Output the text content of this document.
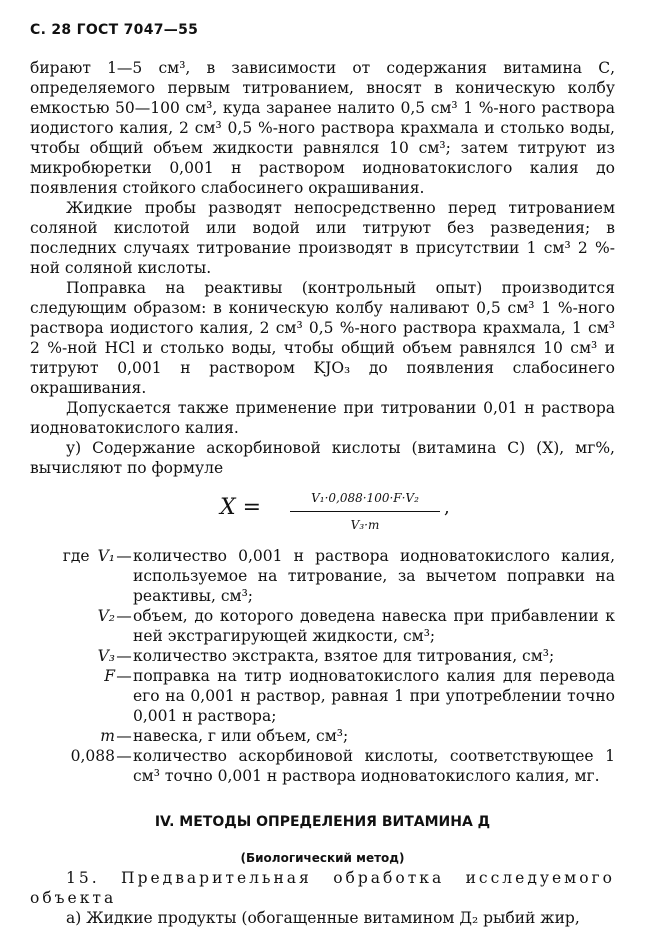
С. 28 ГОСТ 7047—55

бирают 1—5 см³, в зависимости от содержания витамина С, определяемого первым титрованием, вносят в коническую колбу емкостью 50—100 см³, куда заранее налито 0,5 см³ 1 %-ного раствора иодистого калия, 2 см³ 0,5 %-ного раствора крахмала и столько воды, чтобы общий объем жидкости равнялся 10 см³; затем титруют из микробюретки 0,001 н раствором иодноватокислого калия до появления стойкого слабосинего окрашивания.

Жидкие пробы разводят непосредственно перед титрованием соляной кислотой или водой или титруют без разведения; в последних случаях титрование производят в присутствии 1 см³ 2 %-ной соляной кислоты.

Поправка на реактивы (контрольный опыт) производится следующим образом: в коническую колбу наливают 0,5 см³ 1 %-ного раствора иодистого калия, 2 см³ 0,5 %-ного раствора крахмала, 1 см³ 2 %-ной HCl и столько воды, чтобы общий объем равнялся 10 см³ и титруют 0,001 н раствором KJO₃ до появления слабосинего окрашивания.

Допускается также применение при титровании 0,01 н раствора иодноватокислого калия.

у) Содержание аскорбиновой кислоты (витамина С) (X), мг%, вычисляют по формуле

$X = \frac{\text{V₁·0,088·100·F·V₂}}{\text{V₃·m}}$ ,
где V₁ — количество 0,001 н раствора иодноватокислого калия, используемое на титрование, за вычетом поправки на реактивы, см³;
V₂ — объем, до которого доведена навеска при прибавлении к ней экстрагирующей жидкости, см³;
V₃ — количество экстракта, взятое для титрования, см³;
F — поправка на титр иодноватокислого калия для перевода его на 0,001 н раствор, равная 1 при употреблении точно 0,001 н раствора;
m — навеска, г или объем, см³;
0,088 — количество аскорбиновой кислоты, соответствующее 1 см³ точно 0,001 н раствора иодноватокислого калия, мг.
IV. МЕТОДЫ ОПРЕДЕЛЕНИЯ ВИТАМИНА Д
(Биологический метод)

15. Предварительная обработка исследуемого объекта

а) Жидкие продукты (обогащенные витамином Д₂ рыбий жир,
